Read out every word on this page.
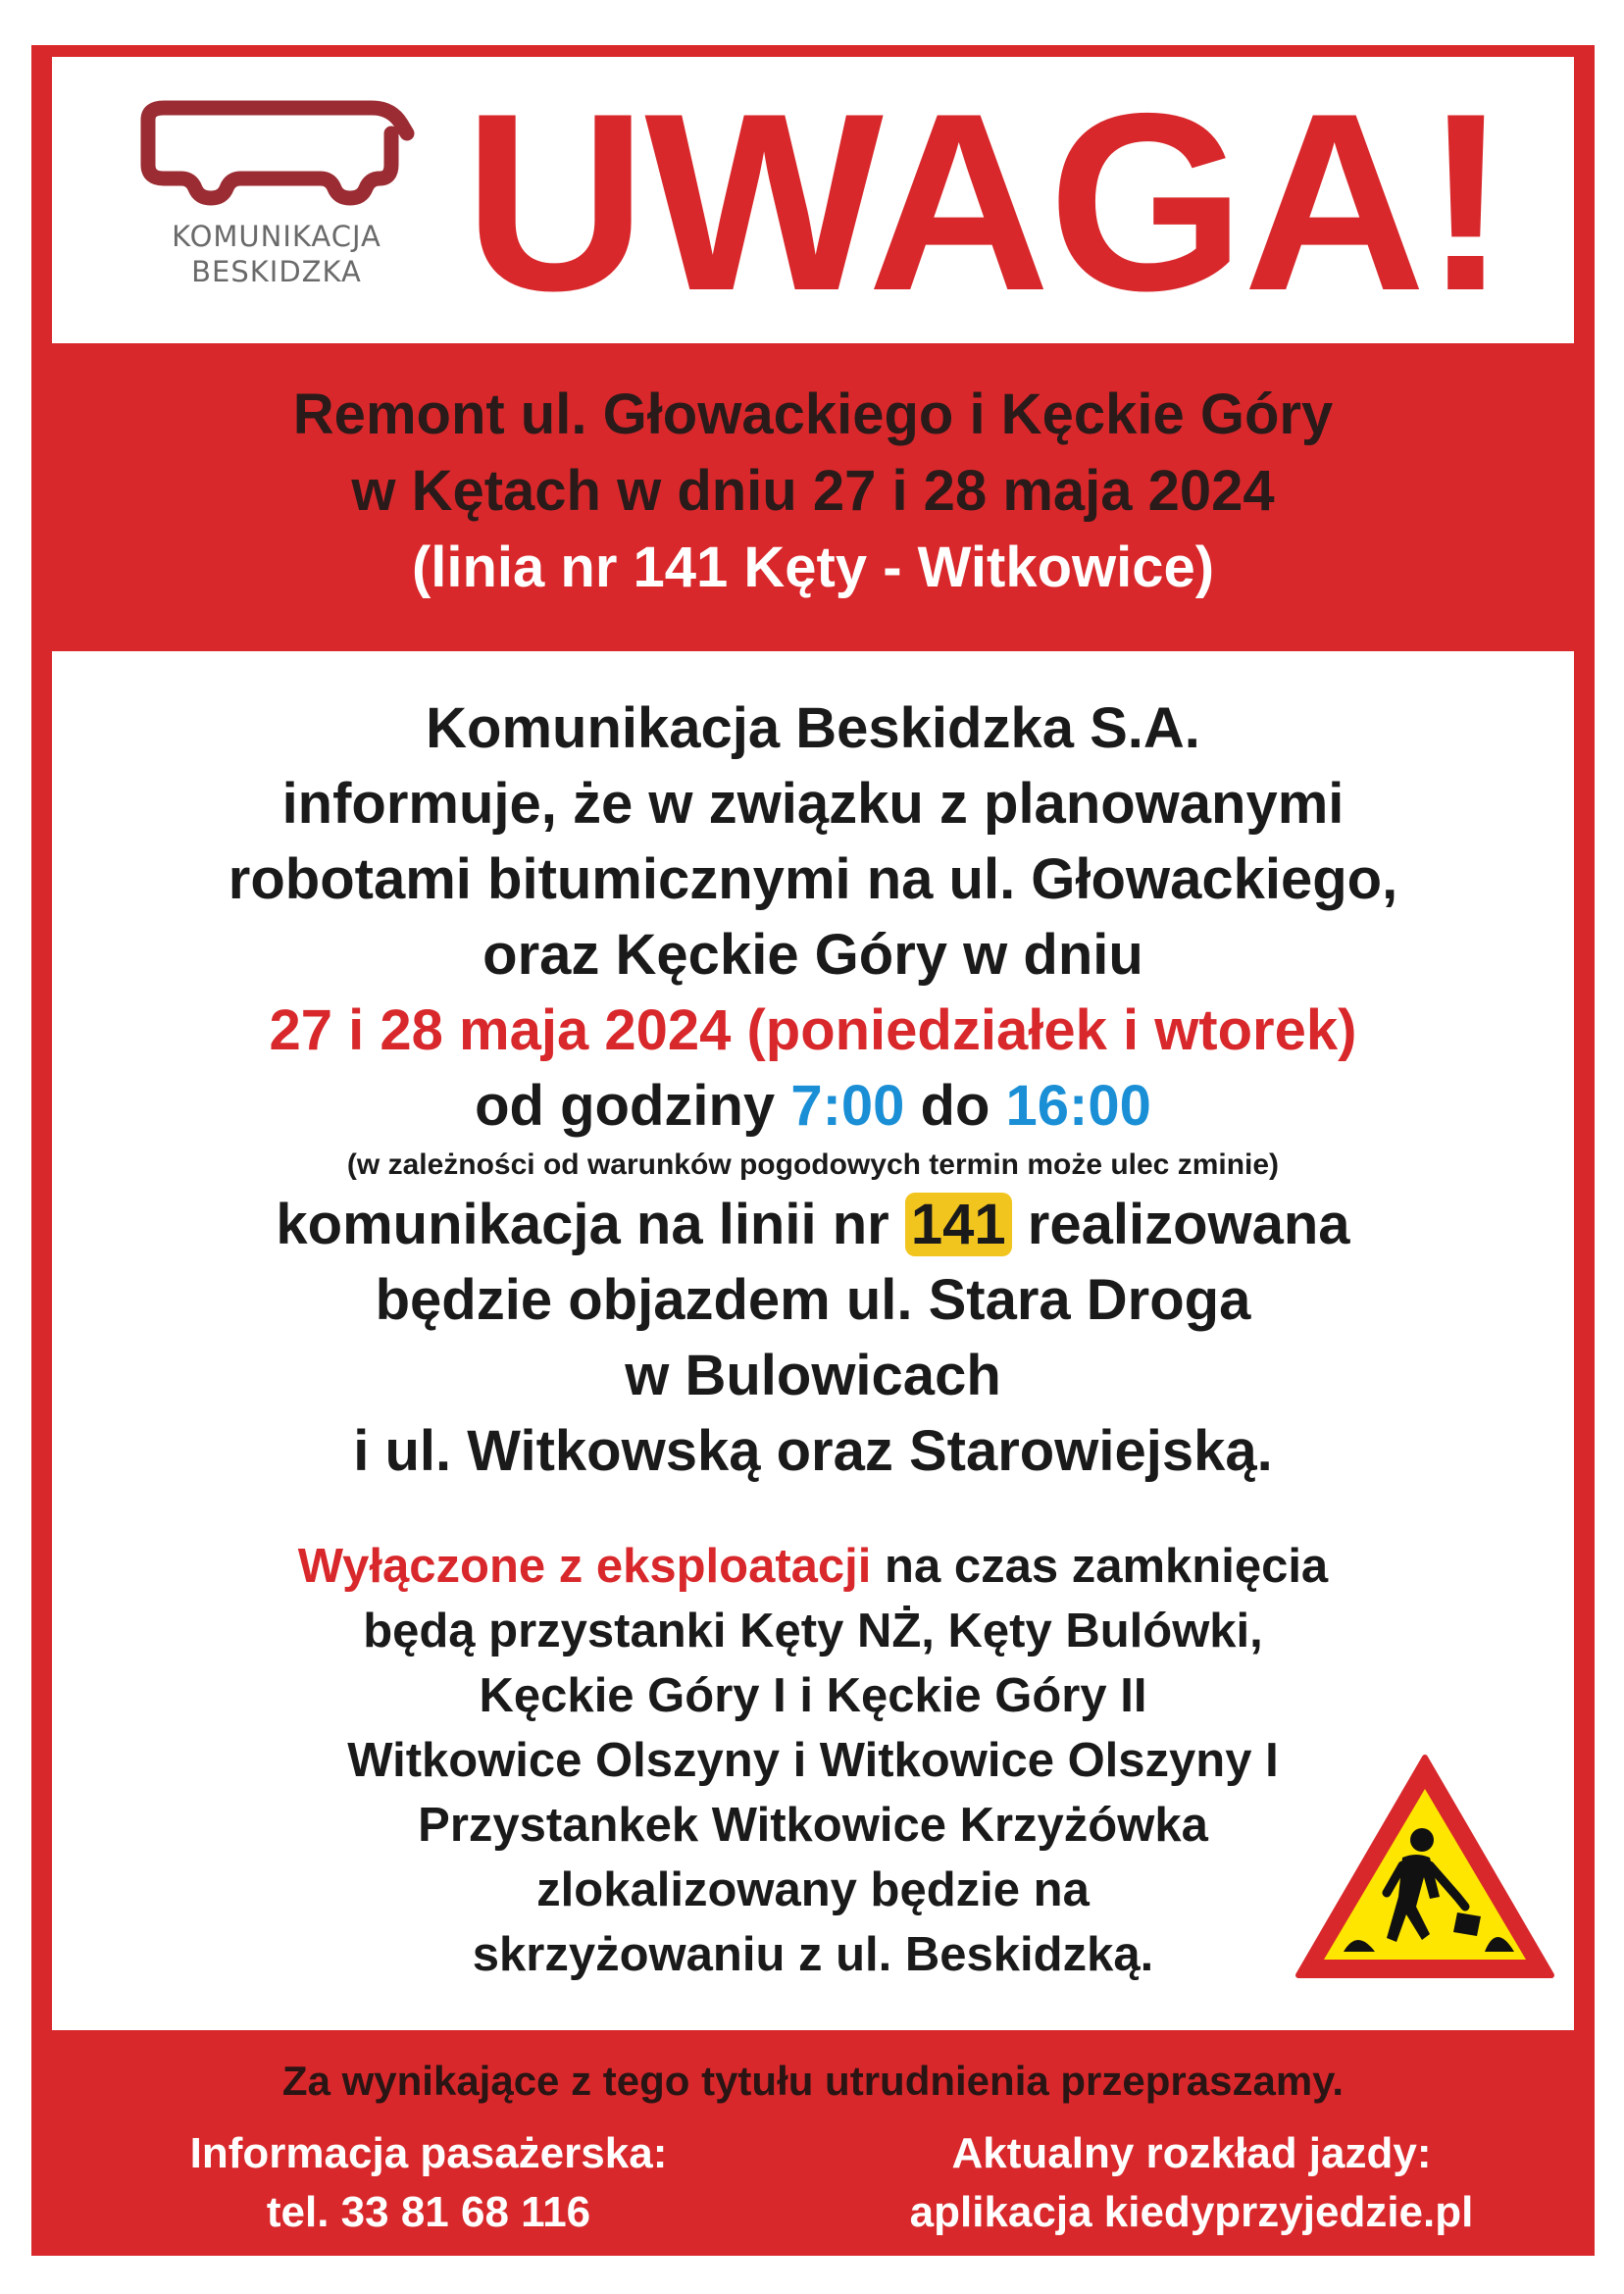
KOMUNIKACJA
BESKIDZKA UWAGA!
Remont ul. Głowackiego i Kęckie Góry
w Kętach w dniu 27 i 28 maja 2024
(linia nr 141 Kęty - Witkowice)

Komunikacja Beskidzka S.A.

informuje, że w związku z planowanymi

robotami bitumicznymi na ul. Głowackiego,

oraz Kęckie Góry w dniu

27 i 28 maja 2024 (poniedziałek i wtorek)

od godziny 7:00 do 16:00

(w zależności od warunków pogodowych termin może ulec zminie)

komunikacja na linii nr 141 realizowana

będzie objazdem ul. Stara Droga

w Bulowicach

i ul. Witkowską oraz Starowiejską.

Wyłączone z eksploatacji na czas zamknięcia

będą przystanki Kęty NŻ, Kęty Bulówki,

Kęckie Góry I i Kęckie Góry II

Witkowice Olszyny i Witkowice Olszyny I

Przystankek Witkowice Krzyżówka

zlokalizowany będzie na

skrzyżowaniu z ul. Beskidzką.

Za wynikające z tego tytułu utrudnienia przepraszamy.
Informacja pasażerska:
tel. 33 81 68 116
Aktualny rozkład jazdy:
aplikacja kiedyprzyjedzie.pl
